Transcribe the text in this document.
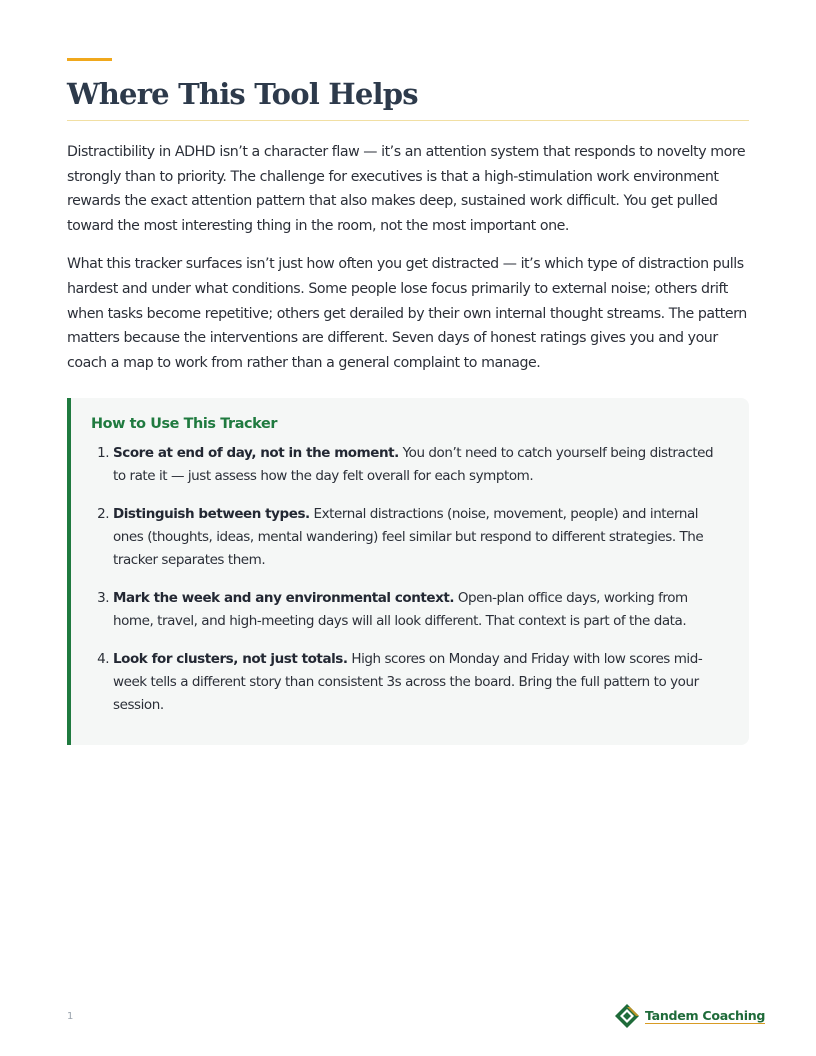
Where This Tool Helps

Distractibility in ADHD isn’t a character flaw — it’s an attention system that responds to novelty more strongly than to priority. The challenge for executives is that a high-stimulation work environment rewards the exact attention pattern that also makes deep, sustained work difficult. You get pulled toward the most interesting thing in the room, not the most important one.

What this tracker surfaces isn’t just how often you get distracted — it’s which type of distraction pulls hardest and under what conditions. Some people lose focus primarily to external noise; others drift when tasks become repetitive; others get derailed by their own internal thought streams. The pattern matters because the interventions are different. Seven days of honest ratings gives you and your coach a map to work from rather than a general complaint to manage.

How to Use This Tracker
1. Score at end of day, not in the moment. You don’t need to catch yourself being distracted to rate it — just assess how the day felt overall for each symptom.
2. Distinguish between types. External distractions (noise, movement, people) and internal ones (thoughts, ideas, mental wandering) feel similar but respond to different strategies. The tracker separates them.
3. Mark the week and any environmental context. Open-plan office days, working from home, travel, and high-meeting days will all look different. That context is part of the data.
4. Look for clusters, not just totals. High scores on Monday and Friday with low scores mid-week tells a different story than consistent 3s across the board. Bring the full pattern to your session.
1	Tandem Coaching
